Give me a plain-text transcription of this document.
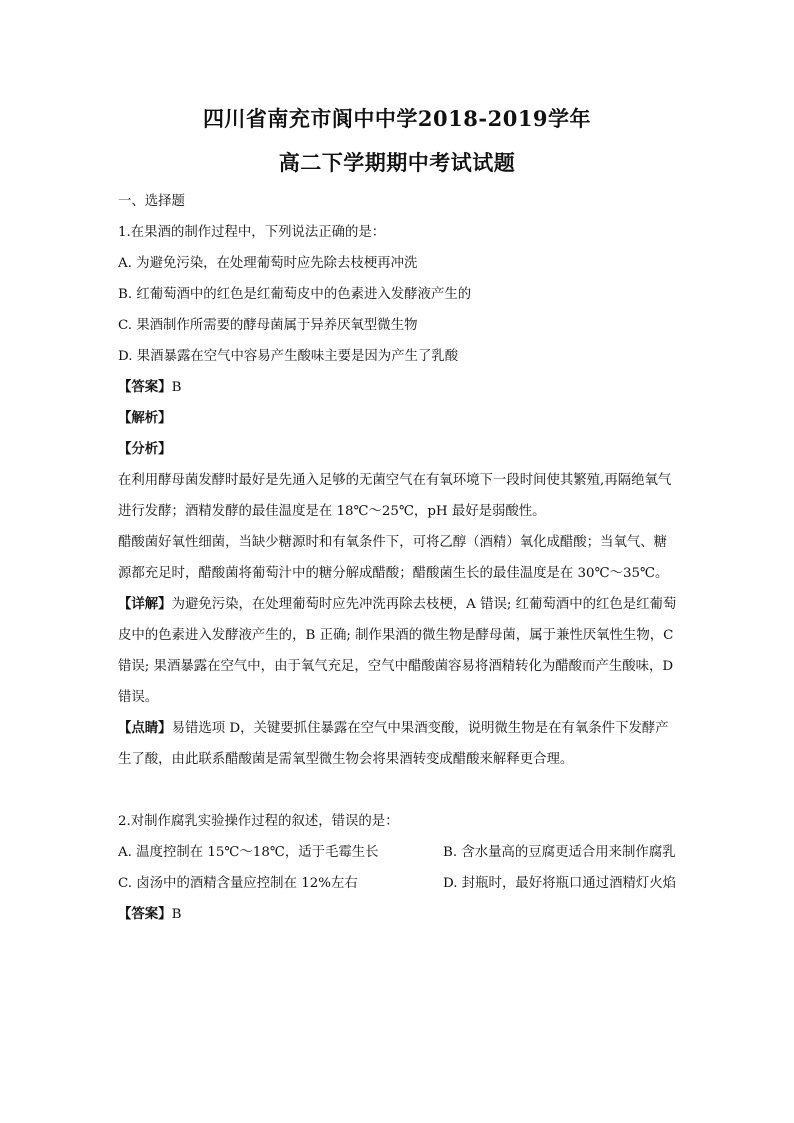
四川省南充市阆中中学2018-2019学年
高二下学期期中考试试题

一、选择题

1.在果酒的制作过程中，下列说法正确的是：

A. 为避免污染，在处理葡萄时应先除去枝梗再冲洗

B. 红葡萄酒中的红色是红葡萄皮中的色素进入发酵液产生的

C. 果酒制作所需要的酵母菌属于异养厌氧型微生物

D. 果酒暴露在空气中容易产生酸味主要是因为产生了乳酸

【答案】B

【解析】

【分析】

在利用酵母菌发酵时最好是先通入足够的无菌空气在有氧环境下一段时间使其繁殖,再隔绝氧气进行发酵；酒精发酵的最佳温度是在 18℃～25℃，pH 最好是弱酸性。

醋酸菌好氧性细菌，当缺少糖源时和有氧条件下，可将乙醇（酒精）氧化成醋酸；当氧气、糖源都充足时，醋酸菌将葡萄汁中的糖分解成醋酸；醋酸菌生长的最佳温度是在 30℃～35℃。

【详解】为避免污染，在处理葡萄时应先冲洗再除去枝梗，A 错误; 红葡萄酒中的红色是红葡萄皮中的色素进入发酵液产生的，B 正确; 制作果酒的微生物是酵母菌，属于兼性厌氧性生物，C 错误; 果酒暴露在空气中，由于氧气充足，空气中醋酸菌容易将酒精转化为醋酸而产生酸味，D 错误。

【点睛】易错选项 D，关键要抓住暴露在空气中果酒变酸，说明微生物是在有氧条件下发酵产生了酸，由此联系醋酸菌是需氧型微生物会将果酒转变成醋酸来解释更合理。

2.对制作腐乳实验操作过程的叙述，错误的是：

A. 温度控制在 15℃～18℃，适于毛霉生长	B. 含水量高的豆腐更适合用来制作腐乳
C. 卤汤中的酒精含量应控制在 12%左右	D. 封瓶时，最好将瓶口通过酒精灯火焰

【答案】B
